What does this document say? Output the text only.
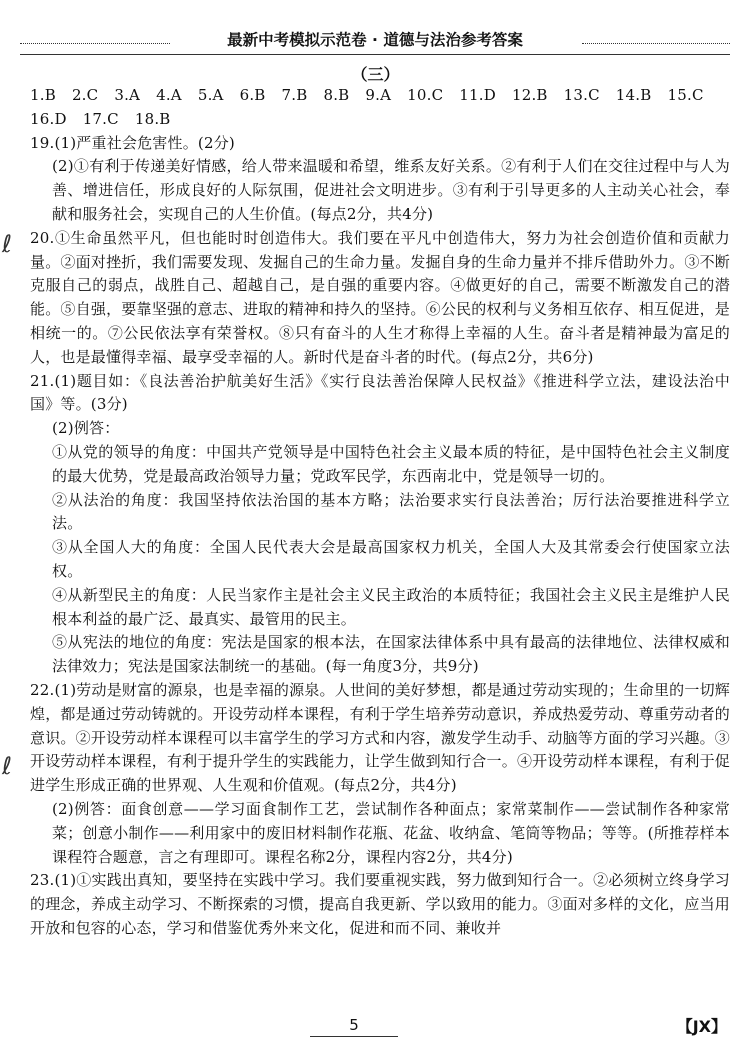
最新中考模拟示范卷 · 道德与法治参考答案
（三）
ℓ
ℓ
1.B 2.C 3.A 4.A 5.A 6.B 7.B 8.B 9.A 10.C 11.D 12.B 13.C 14.B 15.C
16.D 17.C 18.B

19.(1)严重社会危害性。(2分)

(2)①有利于传递美好情感，给人带来温暖和希望，维系友好关系。②有利于人们在交往过程中与人为善、增进信任，形成良好的人际氛围，促进社会文明进步。③有利于引导更多的人主动关心社会，奉献和服务社会，实现自己的人生价值。(每点2分，共4分)

20.①生命虽然平凡，但也能时时创造伟大。我们要在平凡中创造伟大，努力为社会创造价值和贡献力量。②面对挫折，我们需要发现、发掘自己的生命力量。发掘自身的生命力量并不排斥借助外力。③不断克服自己的弱点，战胜自己、超越自己，是自强的重要内容。④做更好的自己，需要不断激发自己的潜能。⑤自强，要靠坚强的意志、进取的精神和持久的坚持。⑥公民的权利与义务相互依存、相互促进，是相统一的。⑦公民依法享有荣誉权。⑧只有奋斗的人生才称得上幸福的人生。奋斗者是精神最为富足的人，也是最懂得幸福、最享受幸福的人。新时代是奋斗者的时代。(每点2分，共6分)

21.(1)题目如：《良法善治护航美好生活》《实行良法善治保障人民权益》《推进科学立法，建设法治中国》等。(3分)

(2)例答：

①从党的领导的角度：中国共产党领导是中国特色社会主义最本质的特征，是中国特色社会主义制度的最大优势，党是最高政治领导力量；党政军民学，东西南北中，党是领导一切的。

②从法治的角度：我国坚持依法治国的基本方略；法治要求实行良法善治；厉行法治要推进科学立法。

③从全国人大的角度：全国人民代表大会是最高国家权力机关，全国人大及其常委会行使国家立法权。

④从新型民主的角度：人民当家作主是社会主义民主政治的本质特征；我国社会主义民主是维护人民根本利益的最广泛、最真实、最管用的民主。

⑤从宪法的地位的角度：宪法是国家的根本法，在国家法律体系中具有最高的法律地位、法律权威和法律效力；宪法是国家法制统一的基础。(每一角度3分，共9分)

22.(1)劳动是财富的源泉，也是幸福的源泉。人世间的美好梦想，都是通过劳动实现的；生命里的一切辉煌，都是通过劳动铸就的。开设劳动样本课程，有利于学生培养劳动意识，养成热爱劳动、尊重劳动者的意识。②开设劳动样本课程可以丰富学生的学习方式和内容，激发学生动手、动脑等方面的学习兴趣。③开设劳动样本课程，有利于提升学生的实践能力，让学生做到知行合一。④开设劳动样本课程，有利于促进学生形成正确的世界观、人生观和价值观。(每点2分，共4分)

(2)例答：面食创意——学习面食制作工艺，尝试制作各种面点；家常菜制作——尝试制作各种家常菜；创意小制作——利用家中的废旧材料制作花瓶、花盆、收纳盒、笔筒等物品；等等。(所推荐样本课程符合题意，言之有理即可。课程名称2分，课程内容2分，共4分)

23.(1)①实践出真知，要坚持在实践中学习。我们要重视实践，努力做到知行合一。②必须树立终身学习的理念，养成主动学习、不断探索的习惯，提高自我更新、学以致用的能力。③面对多样的文化，应当用开放和包容的心态，学习和借鉴优秀外来文化，促进和而不同、兼收并

5	【JX】
